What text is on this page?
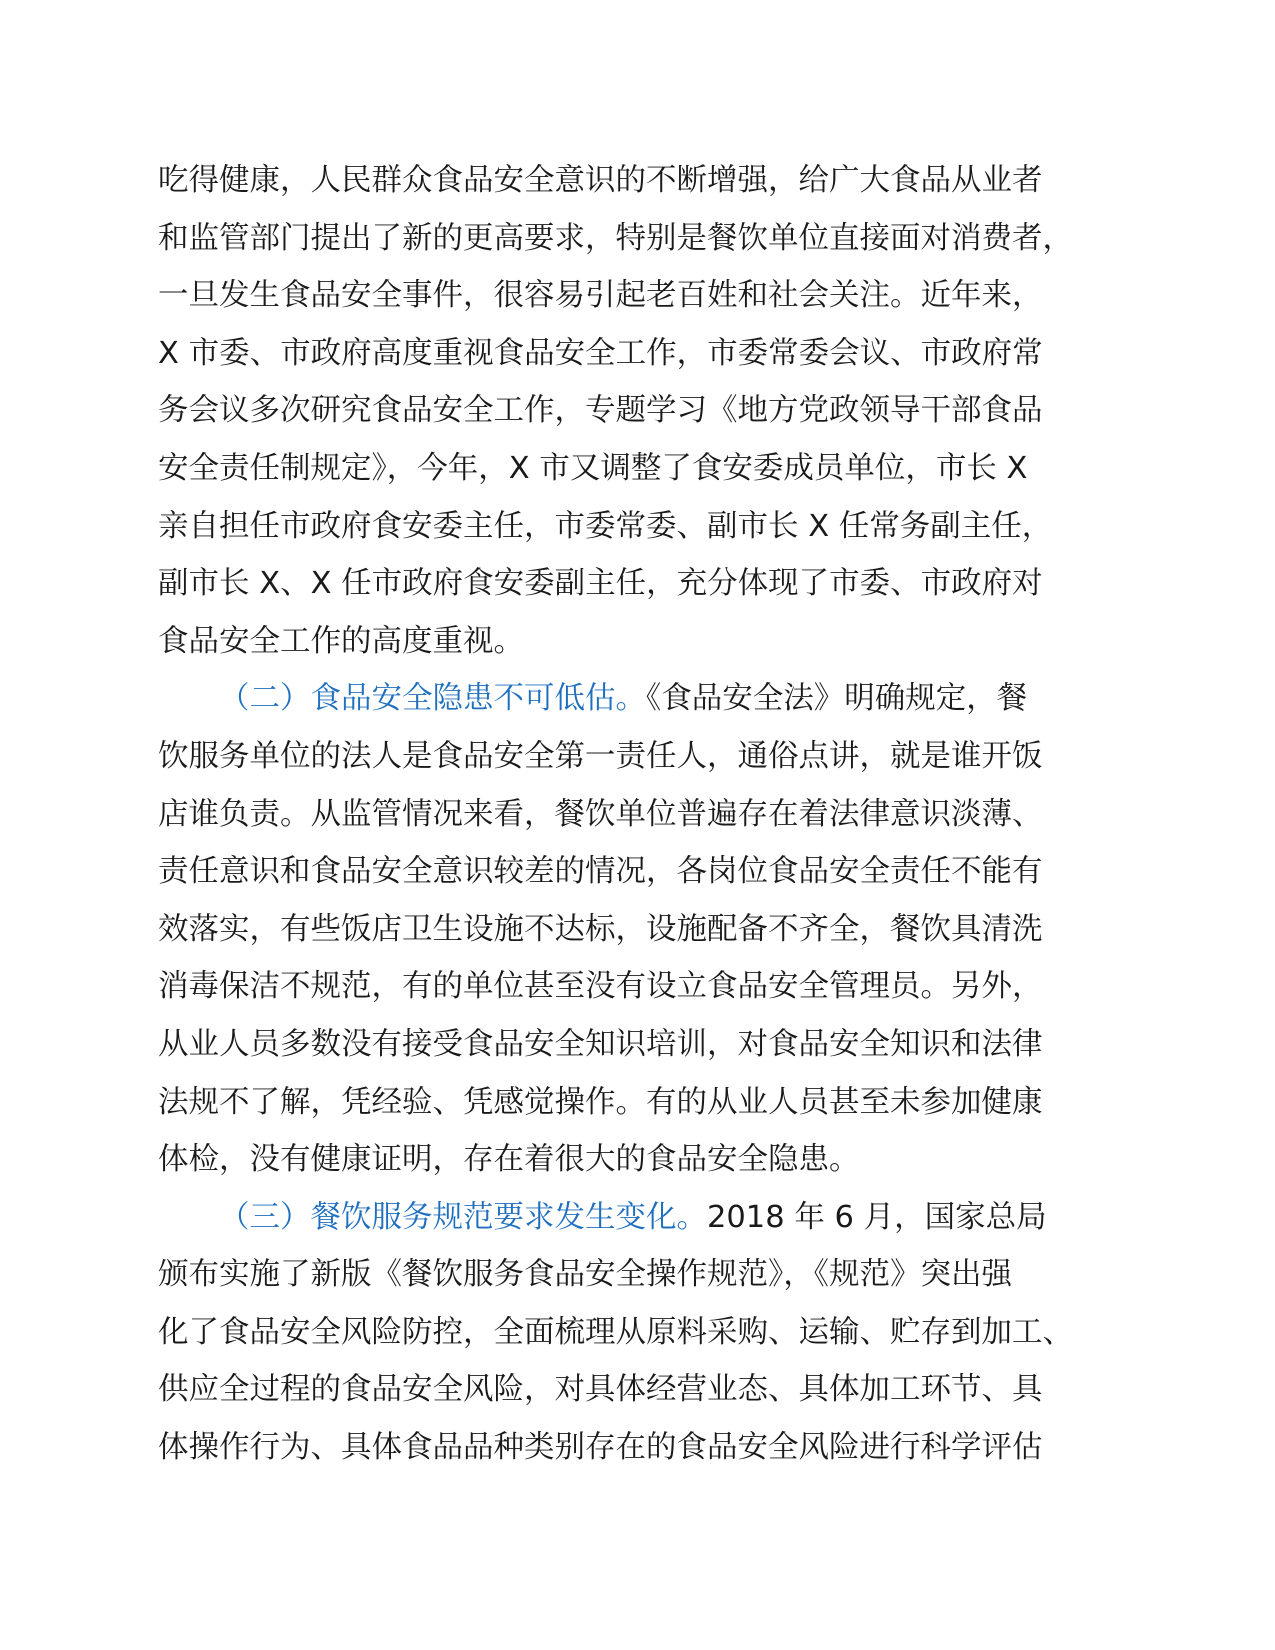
吃得健康，人民群众食品安全意识的不断增强，给广大食品从业者
和监管部门提出了新的更高要求，特别是餐饮单位直接面对消费者，
一旦发生食品安全事件，很容易引起老百姓和社会关注。近年来，
X 市委、市政府高度重视食品安全工作，市委常委会议、市政府常
务会议多次研究食品安全工作，专题学习《地方党政领导干部食品
安全责任制规定》，今年，X 市又调整了食安委成员单位，市长 X
亲自担任市政府食安委主任，市委常委、副市长 X 任常务副主任，
副市长 X、X 任市政府食安委副主任，充分体现了市委、市政府对
食品安全工作的高度重视。
（二）食品安全隐患不可低估。《食品安全法》明确规定，餐
饮服务单位的法人是食品安全第一责任人，通俗点讲，就是谁开饭
店谁负责。从监管情况来看，餐饮单位普遍存在着法律意识淡薄、
责任意识和食品安全意识较差的情况，各岗位食品安全责任不能有
效落实，有些饭店卫生设施不达标，设施配备不齐全，餐饮具清洗
消毒保洁不规范，有的单位甚至没有设立食品安全管理员。另外，
从业人员多数没有接受食品安全知识培训，对食品安全知识和法律
法规不了解，凭经验、凭感觉操作。有的从业人员甚至未参加健康
体检，没有健康证明，存在着很大的食品安全隐患。
（三）餐饮服务规范要求发生变化。2018 年 6 月，国家总局
颁布实施了新版《餐饮服务食品安全操作规范》，《规范》突出强
化了食品安全风险防控，全面梳理从原料采购、运输、贮存到加工、
供应全过程的食品安全风险，对具体经营业态、具体加工环节、具
体操作行为、具体食品品种类别存在的食品安全风险进行科学评估
